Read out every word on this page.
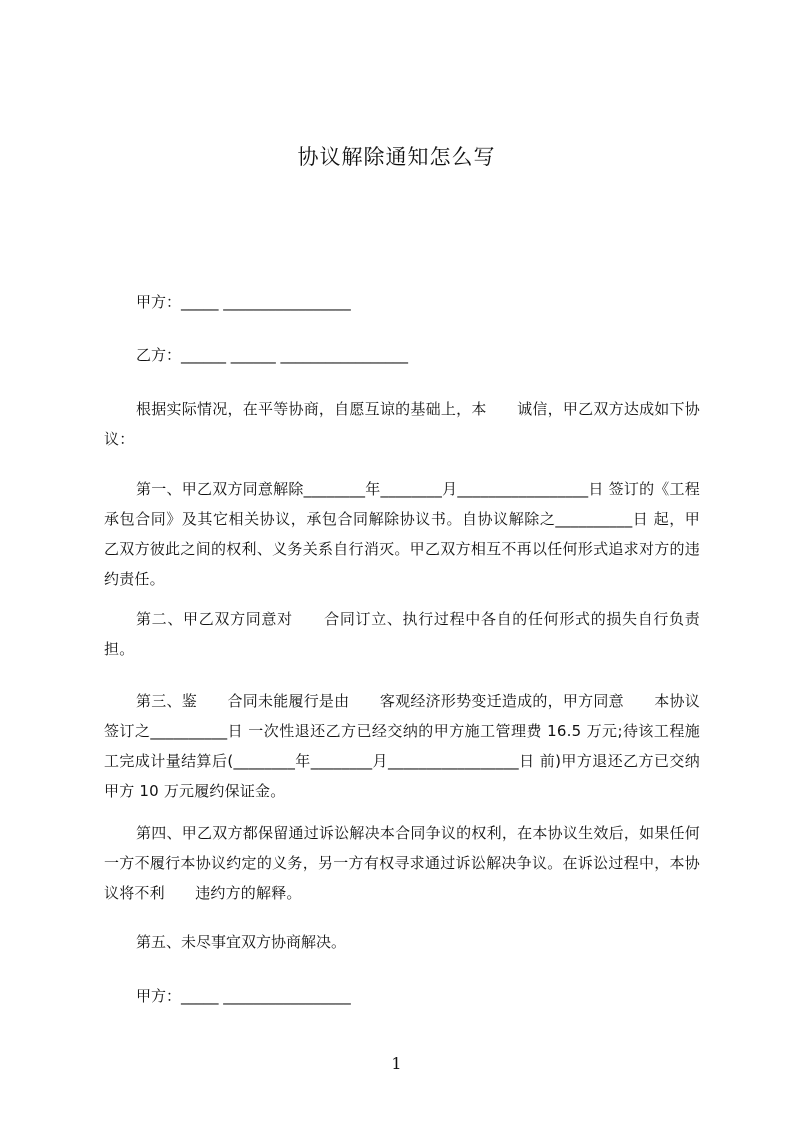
协议解除通知怎么写
甲方：_____ _________________
乙方：______ ______ _________________
根据实际情况，在平等协商，自愿互谅的基础上，本　　诚信，甲乙双方达成如下协议：
第一、甲乙双方同意解除________年________月_________________日 签订的《工程承包合同》及其它相关协议，承包合同解除协议书。自协议解除之__________日 起，甲乙双方彼此之间的权利、义务关系自行消灭。甲乙双方相互不再以任何形式追求对方的违约责任。
第二、甲乙双方同意对　　合同订立、执行过程中各自的任何形式的损失自行负责担。
第三、鉴　　合同未能履行是由　　客观经济形势变迁造成的，甲方同意　　本协议签订之__________日 一次性退还乙方已经交纳的甲方施工管理费 16.5 万元;待该工程施工完成计量结算后(________年________月_________________日 前)甲方退还乙方已交纳甲方 10 万元履约保证金。
第四、甲乙双方都保留通过诉讼解决本合同争议的权利，在本协议生效后，如果任何一方不履行本协议约定的义务，另一方有权寻求通过诉讼解决争议。在诉讼过程中，本协议将不利　　违约方的解释。
第五、未尽事宜双方协商解决。
甲方：_____ _________________
1
